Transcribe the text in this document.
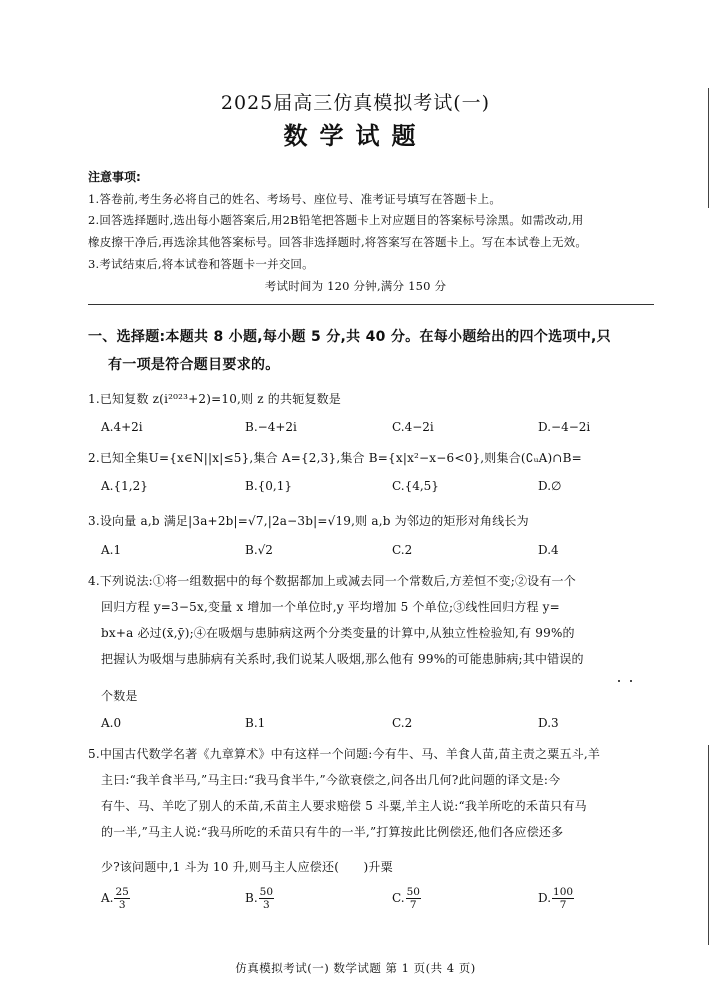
2025届高三仿真模拟考试(一)
数学试题
注意事项:
1.答卷前,考生务必将自己的姓名、考场号、座位号、准考证号填写在答题卡上。
2.回答选择题时,选出每小题答案后,用2B铅笔把答题卡上对应题目的答案标号涂黑。如需改动,用
橡皮擦干净后,再选涂其他答案标号。回答非选择题时,将答案写在答题卡上。写在本试卷上无效。
3.考试结束后,将本试卷和答题卡一并交回。
考试时间为 120 分钟,满分 150 分
一、选择题:本题共 8 小题,每小题 5 分,共 40 分。在每小题给出的四个选项中,只
有一项是符合题目要求的。
1.已知复数 z(i²⁰²³+2)=10,则 z 的共轭复数是
A.4+2i	B.−4+2i	C.4−2i	D.−4−2i
2.已知全集U={x∈N||x|≤5},集合 A={2,3},集合 B={x|x²−x−6<0},则集合(∁ᵤA)∩B=
A.{1,2}	B.{0,1}	C.{4,5}	D.∅
3.设向量 a,b 满足|3a+2b|=√7,|2a−3b|=√19,则 a,b 为邻边的矩形对角线长为
A.1	B.√2	C.2	D.4
4.下列说法:①将一组数据中的每个数据都加上或减去同一个常数后,方差恒不变;②设有一个
回归方程 y=3−5x,变量 x 增加一个单位时,y 平均增加 5 个单位;③线性回归方程 y=
bx+a 必过(x̄,ȳ);④在吸烟与患肺病这两个分类变量的计算中,从独立性检验知,有 99%的
把握认为吸烟与患肺病有关系时,我们说某人吸烟,那么他有 99%的可能患肺病;其中错误的
个数是
A.0	B.1	C.2	D.3
5.中国古代数学名著《九章算术》中有这样一个问题:今有牛、马、羊食人苗,苗主责之粟五斗,羊
主曰:“我羊食半马,”马主曰:“我马食半牛,”今欲衰偿之,问各出几何?此问题的译文是:今
有牛、马、羊吃了别人的禾苗,禾苗主人要求赔偿 5 斗粟,羊主人说:“我羊所吃的禾苗只有马
的一半,”马主人说:“我马所吃的禾苗只有牛的一半,”打算按此比例偿还,他们各应偿还多
少?该问题中,1 斗为 10 升,则马主人应偿还(　　)升粟
A. $\frac{25}{3}$	B. $\frac{50}{3}$	C. $\frac{50}{7}$	D. $\frac{100}{7}$
仿真模拟考试(一) 数学试题 第 1 页(共 4 页)
